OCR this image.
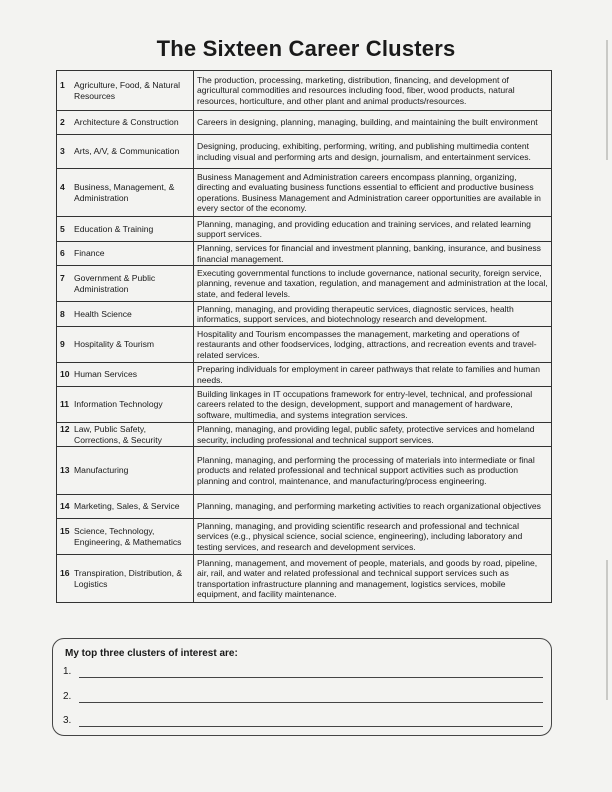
The Sixteen Career Clusters
1 Agriculture, Food, & Natural Resources	The production, processing, marketing, distribution, financing, and development of agricultural commodities and resources including food, fiber, wood products, natural resources, horticulture, and other plant and animal products/resources.
2 Architecture & Construction	Careers in designing, planning, managing, building, and maintaining the built environment
3 Arts, A/V, & Communication	Designing, producing, exhibiting, performing, writing, and publishing multimedia content including visual and performing arts and design, journalism, and entertainment services.
4 Business, Management, & Administration	Business Management and Administration careers encompass planning, organizing, directing and evaluating business functions essential to efficient and productive business operations. Business Management and Administration career opportunities are available in every sector of the economy.
5 Education & Training	Planning, managing, and providing education and training services, and related learning support services.
6 Finance	Planning, services for financial and investment planning, banking, insurance, and business financial management.
7 Government & Public Administration	Executing governmental functions to include governance, national security, foreign service, planning, revenue and taxation, regulation, and management and administration at the local, state, and federal levels.
8 Health Science	Planning, managing, and providing therapeutic services, diagnostic services, health informatics, support services, and biotechnology research and development.
9 Hospitality & Tourism	Hospitality and Tourism encompasses the management, marketing and operations of restaurants and other foodservices, lodging, attractions, and recreation events and travel-related services.
10 Human Services	Preparing individuals for employment in career pathways that relate to families and human needs.
11 Information Technology	Building linkages in IT occupations framework for entry-level, technical, and professional careers related to the design, development, support and management of hardware, software, multimedia, and systems integration services.
12 Law, Public Safety, Corrections, & Security	Planning, managing, and providing legal, public safety, protective services and homeland security, including professional and technical support services.
13 Manufacturing	Planning, managing, and performing the processing of materials into intermediate or final products and related professional and technical support activities such as production planning and control, maintenance, and manufacturing/process engineering.
14 Marketing, Sales, & Service	Planning, managing, and performing marketing activities to reach organizational objectives
15 Science, Technology, Engineering, & Mathematics	Planning, managing, and providing scientific research and professional and technical services (e.g., physical science, social science, engineering), including laboratory and testing services, and research and development services.
16 Transpiration, Distribution, & Logistics	Planning, management, and movement of people, materials, and goods by road, pipeline, air, rail, and water and related professional and technical support services such as transportation infrastructure planning and management, logistics services, mobile equipment, and facility maintenance.
My top three clusters of interest are:
1.
2.
3.
